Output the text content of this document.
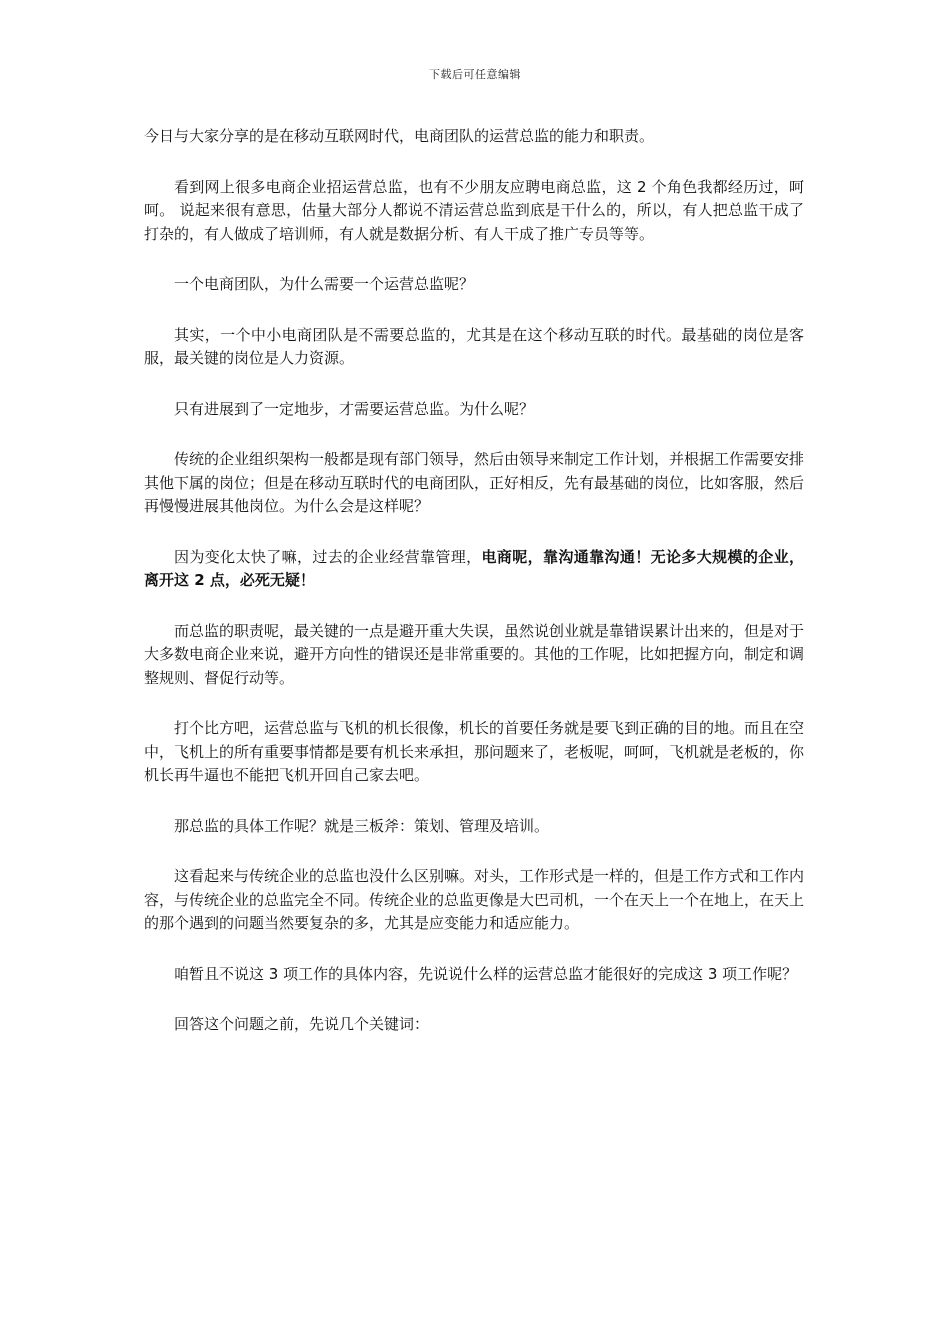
下载后可任意编辑

今日与大家分享的是在移动互联网时代，电商团队的运营总监的能力和职责。

看到网上很多电商企业招运营总监，也有不少朋友应聘电商总监，这 2 个角色我都经历过，呵呵。 说起来很有意思，估量大部分人都说不清运营总监到底是干什么的，所以，有人把总监干成了打杂的，有人做成了培训师，有人就是数据分析、有人干成了推广专员等等。

一个电商团队，为什么需要一个运营总监呢？

其实，一个中小电商团队是不需要总监的，尤其是在这个移动互联的时代。最基础的岗位是客服，最关键的岗位是人力资源。

只有进展到了一定地步，才需要运营总监。为什么呢？

传统的企业组织架构一般都是现有部门领导，然后由领导来制定工作计划，并根据工作需要安排其他下属的岗位；但是在移动互联时代的电商团队，正好相反，先有最基础的岗位，比如客服，然后再慢慢进展其他岗位。为什么会是这样呢？

因为变化太快了嘛，过去的企业经营靠管理，电商呢，靠沟通靠沟通！无论多大规模的企业，离开这 2 点，必死无疑！

而总监的职责呢，最关键的一点是避开重大失误，虽然说创业就是靠错误累计出来的，但是对于大多数电商企业来说，避开方向性的错误还是非常重要的。其他的工作呢，比如把握方向，制定和调整规则、督促行动等。

打个比方吧，运营总监与飞机的机长很像，机长的首要任务就是要飞到正确的目的地。而且在空中，飞机上的所有重要事情都是要有机长来承担，那问题来了，老板呢，呵呵，飞机就是老板的，你机长再牛逼也不能把飞机开回自己家去吧。

那总监的具体工作呢？就是三板斧：策划、管理及培训。

这看起来与传统企业的总监也没什么区别嘛。对头，工作形式是一样的，但是工作方式和工作内容，与传统企业的总监完全不同。传统企业的总监更像是大巴司机，一个在天上一个在地上，在天上的那个遇到的问题当然要复杂的多，尤其是应变能力和适应能力。

咱暂且不说这 3 项工作的具体内容，先说说什么样的运营总监才能很好的完成这 3 项工作呢？

回答这个问题之前，先说几个关键词：
